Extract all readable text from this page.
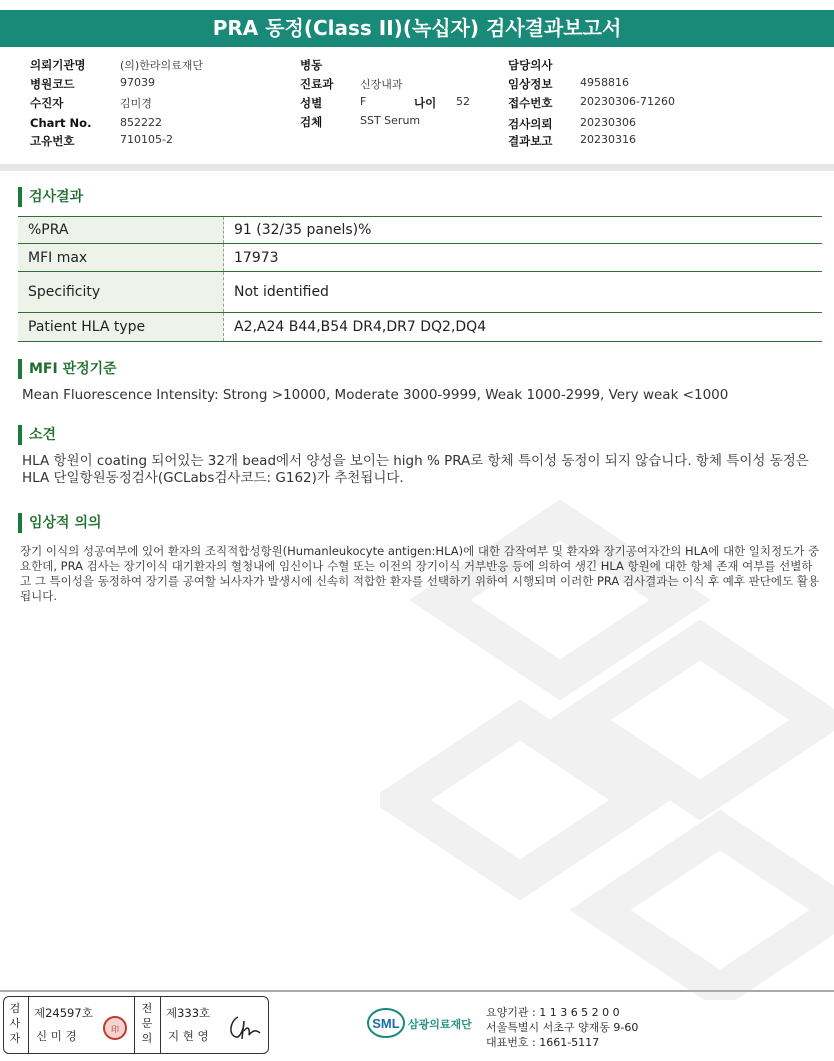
PRA 동정(Class II)(녹십자) 검사결과보고서
의뢰기관명	(의)한라의료재단
병원코드	97039
수진자	김미경
Chart No.	852222
고유번호	710105-2
병동
진료과 신장내과
성별	F	나이 52
검체	SST Serum
담당의사
임상정보	4958816
접수번호	20230306-71260
검사의뢰	20230306
결과보고	20230316
검사결과
%PRA	91 (32/35 panels)%
MFI max	17973
Specificity	Not identified
Patient HLA type	A2,A24 B44,B54 DR4,DR7 DQ2,DQ4
MFI 판정기준
Mean Fluorescence Intensity: Strong >10000, Moderate 3000-9999, Weak 1000-2999, Very weak <1000
소견
HLA 항원이 coating 되어있는 32개 bead에서 양성을 보이는 high % PRA로 항체 특이성 동정이 되지 않습니다. 항체 특이성 동정은 HLA 단일항원동정검사(GCLabs검사코드: G162)가 추천됩니다.
임상적 의의
장기 이식의 성공여부에 있어 환자의 조직적합성항원(Humanleukocyte antigen:HLA)에 대한 감작여부 및 환자와 장기공여자간의 HLA에 대한 일치정도가 중요한데, PRA 검사는 장기이식 대기환자의 혈청내에 임신이나 수혈 또는 이전의 장기이식 거부반응 등에 의하여 생긴 HLA 항원에 대한 항체 존재 여부를 선별하고 그 특이성을 동정하여 장기를 공여할 뇌사자가 발생시에 신속히 적합한 환자를 선택하기 위하여 시행되며 이러한 PRA 검사결과는 이식 후 예후 판단에도 활용됩니다.
검
사
자
제24597호
신 미 경	印
전
문
의
제333호
지 현 영
SML 삼광의료재단
요양기관 : 1 1 3 6 5 2 0 0
서울특별시 서초구 양재동 9-60
대표번호 : 1661-5117
